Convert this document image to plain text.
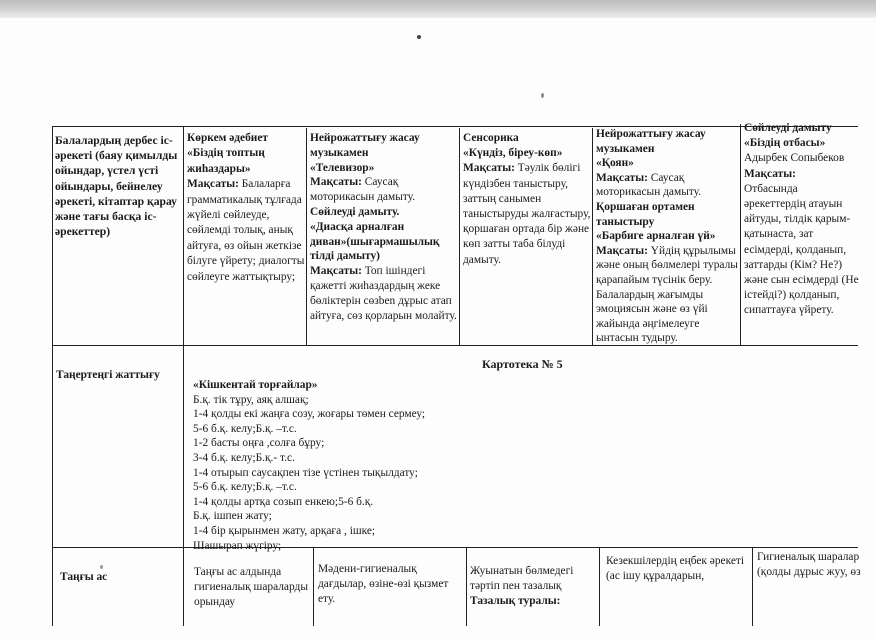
Балалардың дербес іс-әрекеті (баяу қимылды ойындар, үстел үсті ойындары, бейнелеу әрекеті, кітаптар қарау және тағы басқа іс-әрекеттер)
Көркем әдебиет
«Біздің топтың жиһаздары»
Мақсаты: Балаларға грамматикалық тұлғада жүйелі сөйлеуде, сөйлемді толық, анық айтуға, өз ойын жеткізе білуге үйрету; диалогты сөйлеуге жаттықтыру;
Нейрожаттығу жасау музыкамен
«Телевизор»
Мақсаты: Саусақ моторикасын дамыту.
Сөйлеуді дамыту.
«Диасқа арналған диван»(шығармашылық тілді дамыту)
Мақсаты: Топ ішіндегі қажетті жиһаздардың жеке бөліктерін сөзben дұрыс атап айтуға, сөз қорларын молайту.
Сенсорика
«Күндіз, біреу-көп»
Мақсаты: Тәулік бөлігі күндізбен таныстыру, заттың санымен таныстыруды жалғастыру, қоршаған ортада бір және көп затты таба білуді дамыту.
Нейрожаттығу жасау музыкамен
«Қоян»
Мақсаты: Саусақ моторикасын дамыту.
Қоршаған ортамен таныстыру
«Барбиге арналған үй»
Мақсаты: Үйдің құрылымы және оның бөлмелері туралы қарапайым түсінік беру. Балалардың жағымды эмоциясын және өз үйі жайында әңгімелеуге ынтасын тудыру.
Сөйлеуді дамыту
«Біздің отбасы»
Адырбек Сопыбеков
Мақсаты:
Отбасында әрекеттердің атауын айтуды, тілдік қарым-қатынаста, зат есімдерді, қолданып, заттарды (Кім? Не?) және сын есімдерді (Не істейді?) қолданып, сипаттауға үйрету.
Таңертеңгі жаттығу
Картотека № 5
«Кішкентай торғайлар»
Б.қ. тік тұру, аяқ алшақ;
1-4 қолды екі жаңға созу, жоғары төмен сермеу;
5-6 б.қ. келу;Б.қ. –т.с.
1-2 басты оңға ,солға бұру;
3-4 б.қ. келу;Б.қ.- т.с.
1-4 отырып саусақпен тізе үстінен тықылдату;
5-6 б.қ. келу;Б.қ. –т.с.
1-4 қолды артқа созып енкею;5-6 б.қ.
Б.қ. ішпен жату;
1-4 бір қырынмен жату, арқаға , ішке;
Шашырап жүгіру;
Таңғы ас	Таңғы ас алдында гигиеналық шараларды орындау
Мәдени-гигиеналық дағдылар, өзіне-өзі қызмет ету.
Жуынатын бөлмедегі тәртіп пен тазалық
Тазалық туралы:
Кезекшілердің еңбек әрекеті (ас ішу құралдарын,
Гигиеналық шаралар (қолды дұрыс жуу, өз
